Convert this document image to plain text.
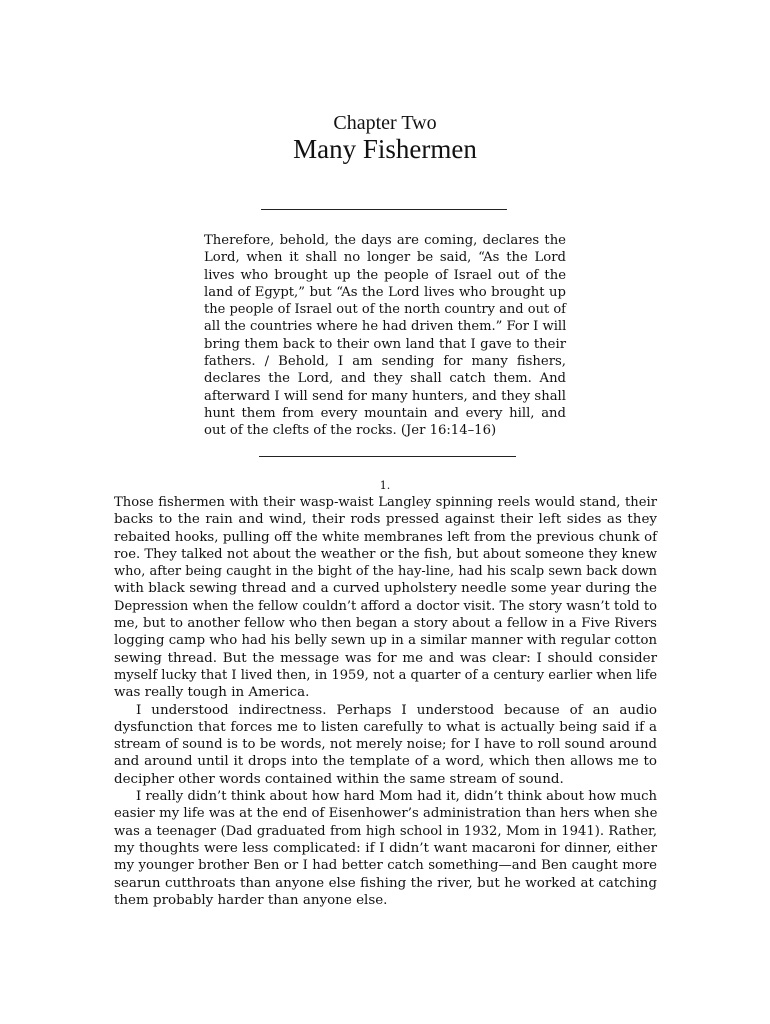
Chapter Two
Many Fishermen
Therefore, behold, the days are coming, declares the
Lord, when it shall no longer be said, “As the Lord
lives who brought up the people of Israel out of the
land of Egypt,” but “As the Lord lives who brought up
the people of Israel out of the north country and out of
all the countries where he had driven them.” For I will
bring them back to their own land that I gave to their
fathers. / Behold, I am sending for many fishers,
declares the Lord, and they shall catch them. And
afterward I will send for many hunters, and they shall
hunt them from every mountain and every hill, and
out of the clefts of the rocks. (Jer 16:14–16)
1.
Those fishermen with their wasp-waist Langley spinning reels would stand, their
backs to the rain and wind, their rods pressed against their left sides as they
rebaited hooks, pulling off the white membranes left from the previous chunk of
roe. They talked not about the weather or the fish, but about someone they knew
who, after being caught in the bight of the hay-line, had his scalp sewn back down
with black sewing thread and a curved upholstery needle some year during the
Depression when the fellow couldn’t afford a doctor visit. The story wasn’t told to
me, but to another fellow who then began a story about a fellow in a Five Rivers
logging camp who had his belly sewn up in a similar manner with regular cotton
sewing thread. But the message was for me and was clear: I should consider
myself lucky that I lived then, in 1959, not a quarter of a century earlier when life
was really tough in America.
I understood indirectness. Perhaps I understood because of an audio
dysfunction that forces me to listen carefully to what is actually being said if a
stream of sound is to be words, not merely noise; for I have to roll sound around
and around until it drops into the template of a word, which then allows me to
decipher other words contained within the same stream of sound.
I really didn’t think about how hard Mom had it, didn’t think about how much
easier my life was at the end of Eisenhower’s administration than hers when she
was a teenager (Dad graduated from high school in 1932, Mom in 1941). Rather,
my thoughts were less complicated: if I didn’t want macaroni for dinner, either
my younger brother Ben or I had better catch something—and Ben caught more
searun cutthroats than anyone else fishing the river, but he worked at catching
them probably harder than anyone else.
